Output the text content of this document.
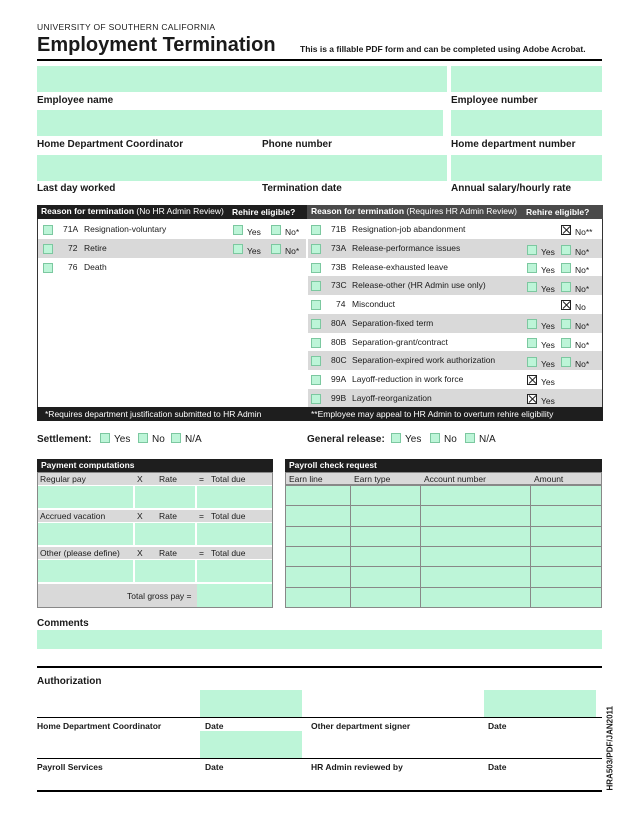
UNIVERSITY OF SOUTHERN CALIFORNIA
Employment Termination	This is a fillable PDF form and can be completed using Adobe Acrobat.
Employee name	Employee number
Home Department Coordinator	Phone number	Home department number
Last day worked	Termination date	Annual salary/hourly rate
Reason for termination (No HR Admin Review) Rehire eligible?	Reason for termination (Requires HR Admin Review)	Rehire eligible?
71A Resignation-voluntary	Yes	No*
72 Retire	Yes	No*
76 Death
71B Resignation-job abandonment	No**
73A Release-performance issues	Yes No*
73B Release-exhausted leave	Yes No*
73C Release-other (HR Admin use only)	Yes No*
74 Misconduct	No
80A Separation-fixed term	Yes No*
80B Separation-grant/contract	Yes No*
80C Separation-expired work authorization	Yes No*
99A Layoff-reduction in work force	Yes
99B Layoff-reorganization	Yes
*Requires department justification submitted to HR Admin	**Employee may appeal to HR Admin to overturn rehire eligibility
Settlement: Yes No N/A	General release: Yes No N/A
Payment computations
Regular pay	X Rate	= Total due
Accrued vacation	X Rate	= Total due
Other (please define) X Rate	= Total due
Total gross pay =
Payroll check request
Earn line	Earn type	Account number	Amount

Comments
Authorization
Home Department Coordinator	Date	Other department signer	Date
Payroll Services	Date	HR Admin reviewed by	Date	HRA503/PDF/JAN2011
